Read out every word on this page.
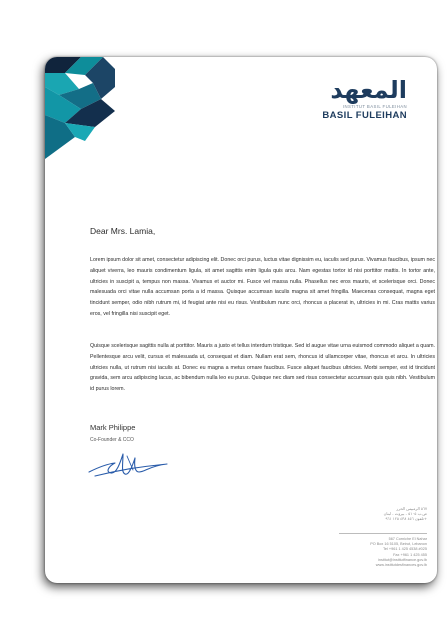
المعهد
INSTITUT BASIL FULEIHAN
BASIL FULEIHAN
Dear Mrs. Lamia,
Lorem ipsum dolor sit amet, consectetur adipiscing elit. Donec orci purus, luctus vitae dignissim eu, iaculis sed purus. Vivamus faucibus, ipsum nec aliquet viverra, leo mauris condimentum ligula, sit amet sagittis enim ligula quis arcu. Nam egestas tortor id nisi porttitor mattis. In tortor ante, ultricies in suscipit a, tempus non massa. Vivamus et auctor mi. Fusce vel massa nulla. Phasellus nec eros mauris, et scelerisque orci. Donec malesuada orci vitae nulla accumsan porta a id massa. Quisque accumsan iaculis magna sit amet fringilla. Maecenas consequat, magna eget tincidunt semper, odio nibh rutrum mi, id feugiat ante nisi eu risus. Vestibulum nunc orci, rhoncus a placerat in, ultricies in mi. Cras mattis varius eros, vel fringilla nisi suscipit eget.
Quisque scelerisque sagittis nulla at porttitor. Mauris a justo et tellus interdum tristique. Sed id augue vitae urna euismod commodo aliquet a quam. Pellentesque arcu velit, cursus et malesuada ut, consequat et diam. Nullam erat sem, rhoncus id ullamcorper vitae, rhoncus et arcu. In ultricies ultricies nulla, ut rutrum nisi iaculis at. Donec eu magna a metus ornare faucibus. Fusce aliquet faucibus ultricies. Morbi semper, est id tincidunt gravida, sem arcu adipiscing lacus, ac bibendum nulla leo eu purus. Quisque nec diam sed risus consectetur accumsan quis quis nibh. Vestibulum id purus lorem.
Mark Philippe
Co-Founder & CCO
٥٦٧ الرمبيس الحرر
ص.ب ٥١٠٥ - بيروت - لبنان
تلفون ٤٥٦ ٤٣٨ ١٢٥ ٩٦١+
567 Corniche El Nahar
PO Box 16 5105, Beirut, Lebanon
Tel +961 1 425 4538 #025
Fax +961 1 425 455
institut@institutfinance.gov.lb
www.institutdesfinances.gov.lb
